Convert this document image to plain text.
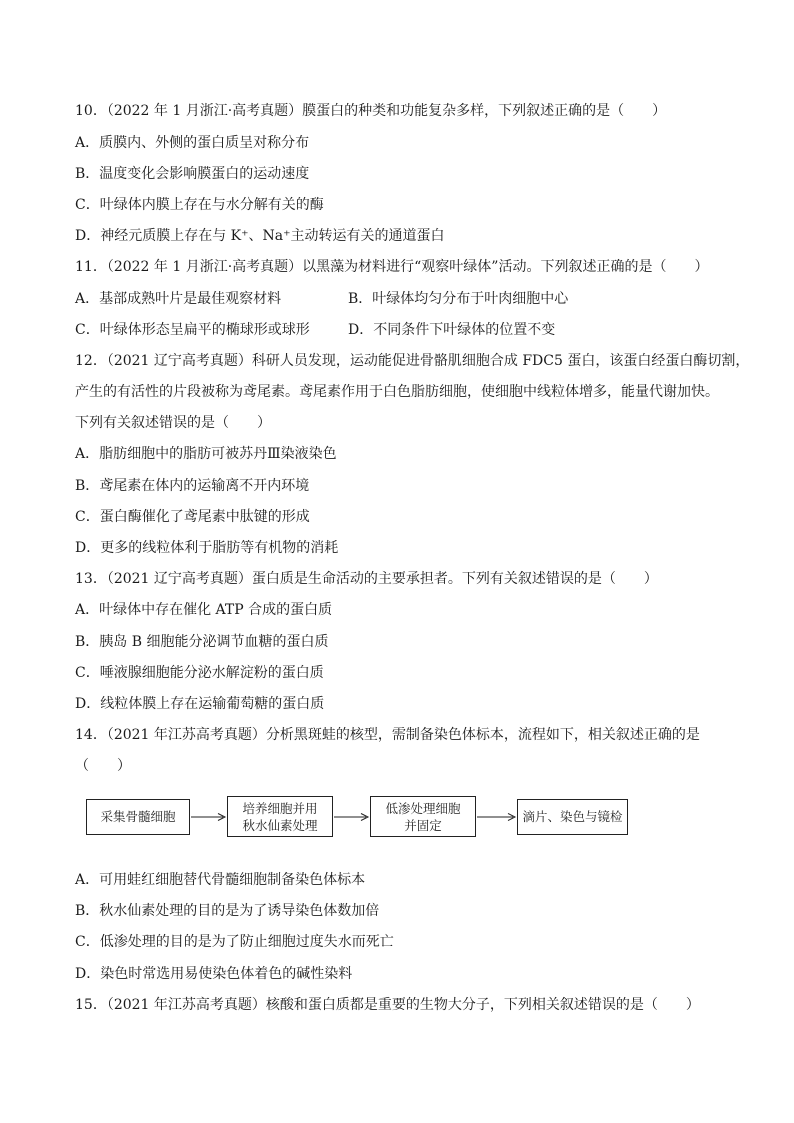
10．（2022 年 1 月浙江·高考真题）膜蛋白的种类和功能复杂多样，下列叙述正确的是（　　）
A．质膜内、外侧的蛋白质呈对称分布
B．温度变化会影响膜蛋白的运动速度
C．叶绿体内膜上存在与水分解有关的酶
D．神经元质膜上存在与 K⁺、Na⁺主动转运有关的通道蛋白
11．（2022 年 1 月浙江·高考真题）以黑藻为材料进行“观察叶绿体”活动。下列叙述正确的是（　　）
A．基部成熟叶片是最佳观察材料	B．叶绿体均匀分布于叶肉细胞中心
C．叶绿体形态呈扁平的椭球形或球形	D．不同条件下叶绿体的位置不变
12．（2021 辽宁高考真题）科研人员发现，运动能促进骨骼肌细胞合成 FDC5 蛋白，该蛋白经蛋白酶切割，
产生的有活性的片段被称为鸢尾素。鸢尾素作用于白色脂肪细胞，使细胞中线粒体增多，能量代谢加快。
下列有关叙述错误的是（　　）
A．脂肪细胞中的脂肪可被苏丹Ⅲ染液染色
B．鸢尾素在体内的运输离不开内环境
C．蛋白酶催化了鸢尾素中肽键的形成
D．更多的线粒体利于脂肪等有机物的消耗
13．（2021 辽宁高考真题）蛋白质是生命活动的主要承担者。下列有关叙述错误的是（　　）
A．叶绿体中存在催化 ATP 合成的蛋白质
B．胰岛 B 细胞能分泌调节血糖的蛋白质
C．唾液腺细胞能分泌水解淀粉的蛋白质
D．线粒体膜上存在运输葡萄糖的蛋白质
14．（2021 年江苏高考真题）分析黑斑蛙的核型，需制备染色体标本，流程如下，相关叙述正确的是
（　　）
采集骨髓细胞
培养细胞并用
秋水仙素处理
低渗处理细胞
并固定
滴片、染色与镜检
A．可用蛙红细胞替代骨髓细胞制备染色体标本
B．秋水仙素处理的目的是为了诱导染色体数加倍
C．低渗处理的目的是为了防止细胞过度失水而死亡
D．染色时常选用易使染色体着色的碱性染料
15．（2021 年江苏高考真题）核酸和蛋白质都是重要的生物大分子，下列相关叙述错误的是（　　）
